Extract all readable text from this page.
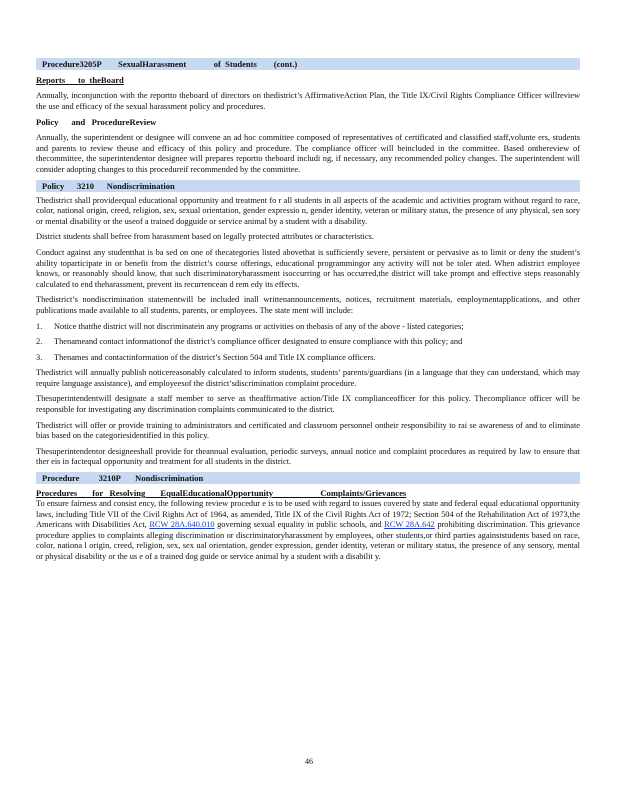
Procedure3205P        SexualHarassment             of  Students        (cont.)
Reports      to  theBoard

Annually, inconjunction with the reportto theboard of directors on thedistrict’s AffirmativeAction Plan, the Title IX/Civil Rights Compliance Officer willreview the use and efficacy of the sexual harassment policy and procedures.

Policy      and   ProcedureReview

Annually, the superintendent or designee will convene an ad hoc committee composed of representatives of certificated and classified staff,volunte ers, students and parents to review theuse and efficacy of this policy and procedure. The compliance officer will beincluded in the committee. Based onthereview of thecommittee, the superintendentor designee will prepares reportto theboard includi ng, if necessary, any recommended policy changes. The superintendent will consider adopting changes to this procedureif recommended by the committee.

Policy      3210      Nondiscrimination

Thedistrict shall provideequal educational opportunity and treatment fo r all students in all aspects of the academic and activities program without regard to race, color, national origin, creed, religion, sex, sexual orientation, gender expressio n, gender identity, veteran or military status, the presence of any physical, sen sory or mental disability or the useof a trained dogguide or service animal by a student with a disability.

District students shall befree from harassment based on legally protected attributes or characteristics.

Conduct against any studentthat is ba sed on one of thecategories listed abovethat is sufficiently severe, persistent or pervasive as to limit or deny the student’s ability toparticipate in or benefit from the district’s course offerings, educational programmingor any activity will not be toler ated. When adistrict employee knows, or reasonably should know, that such discriminatoryharassment isoccurring or has occurred,the district will take prompt and effective steps reasonably calculated to end theharassment, prevent its recurrencean d rem edy its effects.

Thedistrict’s nondiscrimination statementwill be included inall writtenannouncements, notices, recruitment materials, employmentapplications, and other publications made available to all students, parents, or employees. The state ment will include:

1. Notice thatthe district will not discriminatein any programs or activities on thebasis of any of the above - listed categories;
2. Thenameand contact informationof the district’s compliance officer designated to ensure compliance with this policy; and
3. Thenames and contactinformation of the district’s Section 504 and Title IX compliance officers.

Thedistrict will annually publish noticereasonably calculated to inform students, students’ parents/guardians (in a language that they can understand, which may require language assistance), and employeesof the district’sdiscrimination complaint procedure.

Thesuperintendentwill designate a staff member to serve as theaffirmative action/Title IX complianceofficer for this policy. Thecompliance officer will be responsible for investigating any discrimination complaints communicated to the district.

Thedistrict will offer or provide training to administrators and certificated and classroom personnel ontheir responsibility to rai se awareness of and to eliminate bias based on the categoriesidentified in this policy.

Thesuperintendentor designeeshall provide for theannual evaluation, periodic surveys, annual notice and complaint procedures as required by law to ensure that ther eis in factequal opportunity and treatment for all students in the district.

Procedure         3210P       Nondiscrimination
Procedures       for   Resolving       EqualEducationalOpportunity                      Complaints/Grievances

To ensure fairness and consist ency, the following review procedur e is to be used with regard to issues covered by state and federal equal educational opportunity laws, including Title VII of the Civil Rights Act of 1964, as amended, Title IX of the Civil Rights Act of 1972; Section 504 of the Rehabilitation Act of 1973,the Americans with Disabilities Act, RCW 28A.640.010 governing sexual equality in public schools, and RCW 28A.642 prohibiting discrimination. This grievance procedure applies to complaints alleging discrimination or discriminatoryharassment by employees, other students,or third parties againststudents based on race, color, nationa l origin, creed, religion, sex, sex ual orientation, gender expression, gender identity, veteran or military status, the presence of any sensory, mental or physical disability or the us e of a trained dog guide or service animal by a student with a disabilit y.

46
